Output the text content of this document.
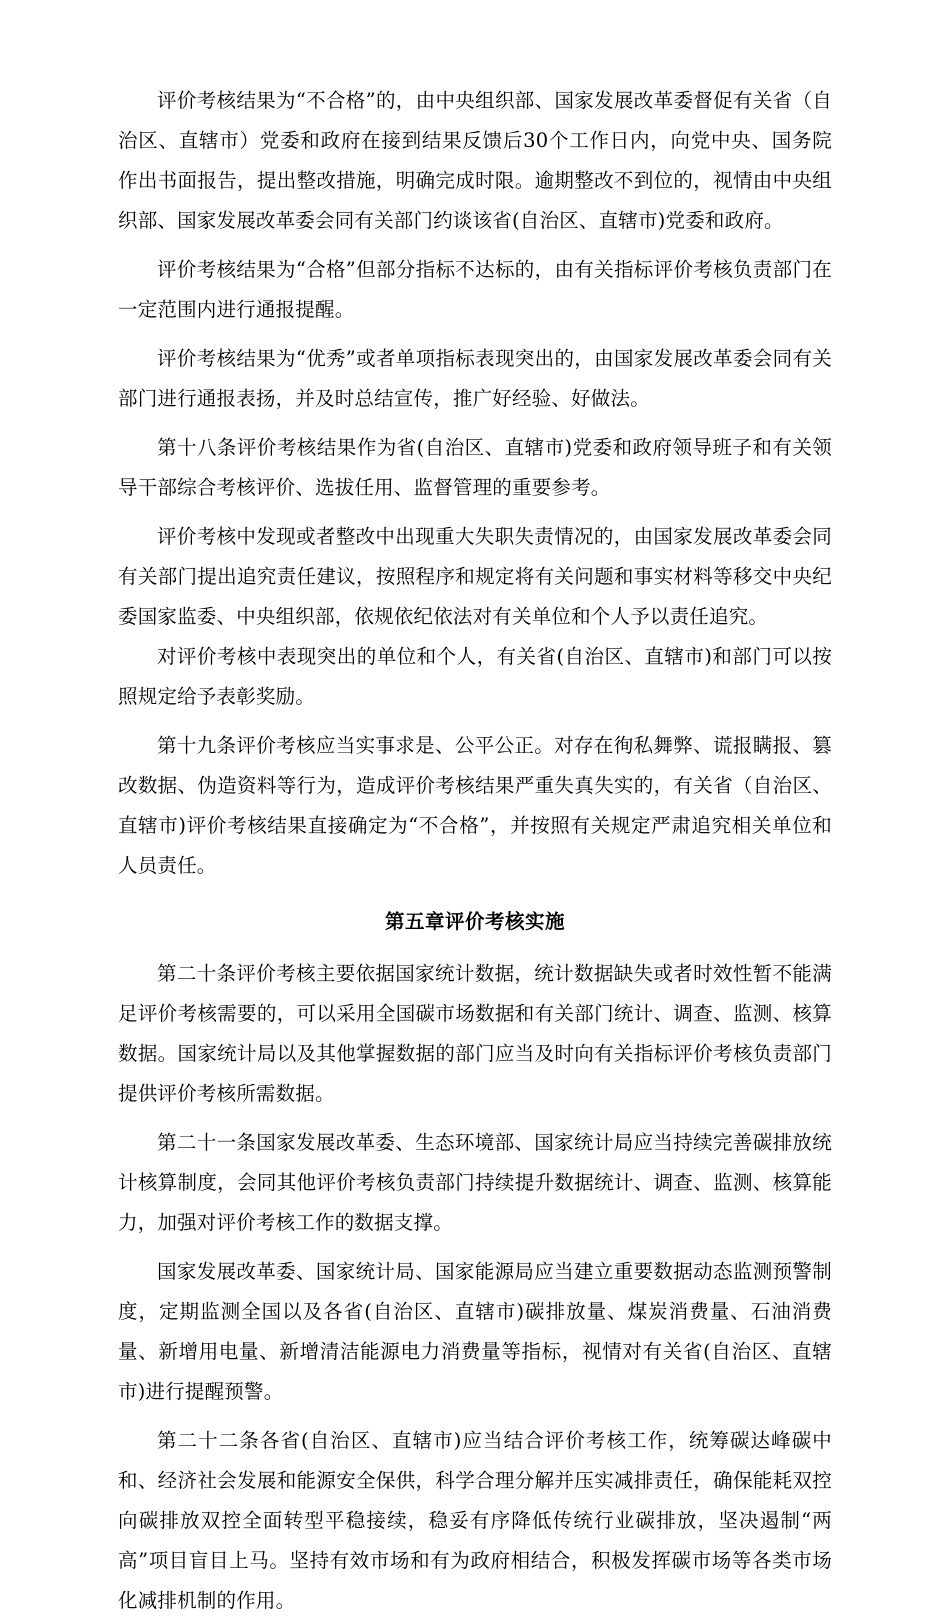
评价考核结果为“不合格”的，由中央组织部、国家发展改革委督促有关省（自治区、直辖市）党委和政府在接到结果反馈后30个工作日内，向党中央、国务院作出书面报告，提出整改措施，明确完成时限。逾期整改不到位的，视情由中央组织部、国家发展改革委会同有关部门约谈该省(自治区、直辖市)党委和政府。

评价考核结果为“合格”但部分指标不达标的，由有关指标评价考核负责部门在一定范围内进行通报提醒。

评价考核结果为“优秀”或者单项指标表现突出的，由国家发展改革委会同有关部门进行通报表扬，并及时总结宣传，推广好经验、好做法。

第十八条评价考核结果作为省(自治区、直辖市)党委和政府领导班子和有关领导干部综合考核评价、选拔任用、监督管理的重要参考。

评价考核中发现或者整改中出现重大失职失责情况的，由国家发展改革委会同有关部门提出追究责任建议，按照程序和规定将有关问题和事实材料等移交中央纪委国家监委、中央组织部，依规依纪依法对有关单位和个人予以责任追究。

对评价考核中表现突出的单位和个人，有关省(自治区、直辖市)和部门可以按照规定给予表彰奖励。

第十九条评价考核应当实事求是、公平公正。对存在徇私舞弊、谎报瞒报、篡改数据、伪造资料等行为，造成评价考核结果严重失真失实的，有关省（自治区、直辖市)评价考核结果直接确定为“不合格”，并按照有关规定严肃追究相关单位和人员责任。

第五章评价考核实施

第二十条评价考核主要依据国家统计数据，统计数据缺失或者时效性暂不能满足评价考核需要的，可以采用全国碳市场数据和有关部门统计、调查、监测、核算数据。国家统计局以及其他掌握数据的部门应当及时向有关指标评价考核负责部门提供评价考核所需数据。

第二十一条国家发展改革委、生态环境部、国家统计局应当持续完善碳排放统计核算制度，会同其他评价考核负责部门持续提升数据统计、调查、监测、核算能力，加强对评价考核工作的数据支撑。

国家发展改革委、国家统计局、国家能源局应当建立重要数据动态监测预警制度，定期监测全国以及各省(自治区、直辖市)碳排放量、煤炭消费量、石油消费量、新增用电量、新增清洁能源电力消费量等指标，视情对有关省(自治区、直辖市)进行提醒预警。

第二十二条各省(自治区、直辖市)应当结合评价考核工作，统筹碳达峰碳中和、经济社会发展和能源安全保供，科学合理分解并压实减排责任，确保能耗双控向碳排放双控全面转型平稳接续，稳妥有序降低传统行业碳排放，坚决遏制“两高”项目盲目上马。坚持有效市场和有为政府相结合，积极发挥碳市场等各类市场化减排机制的作用。
